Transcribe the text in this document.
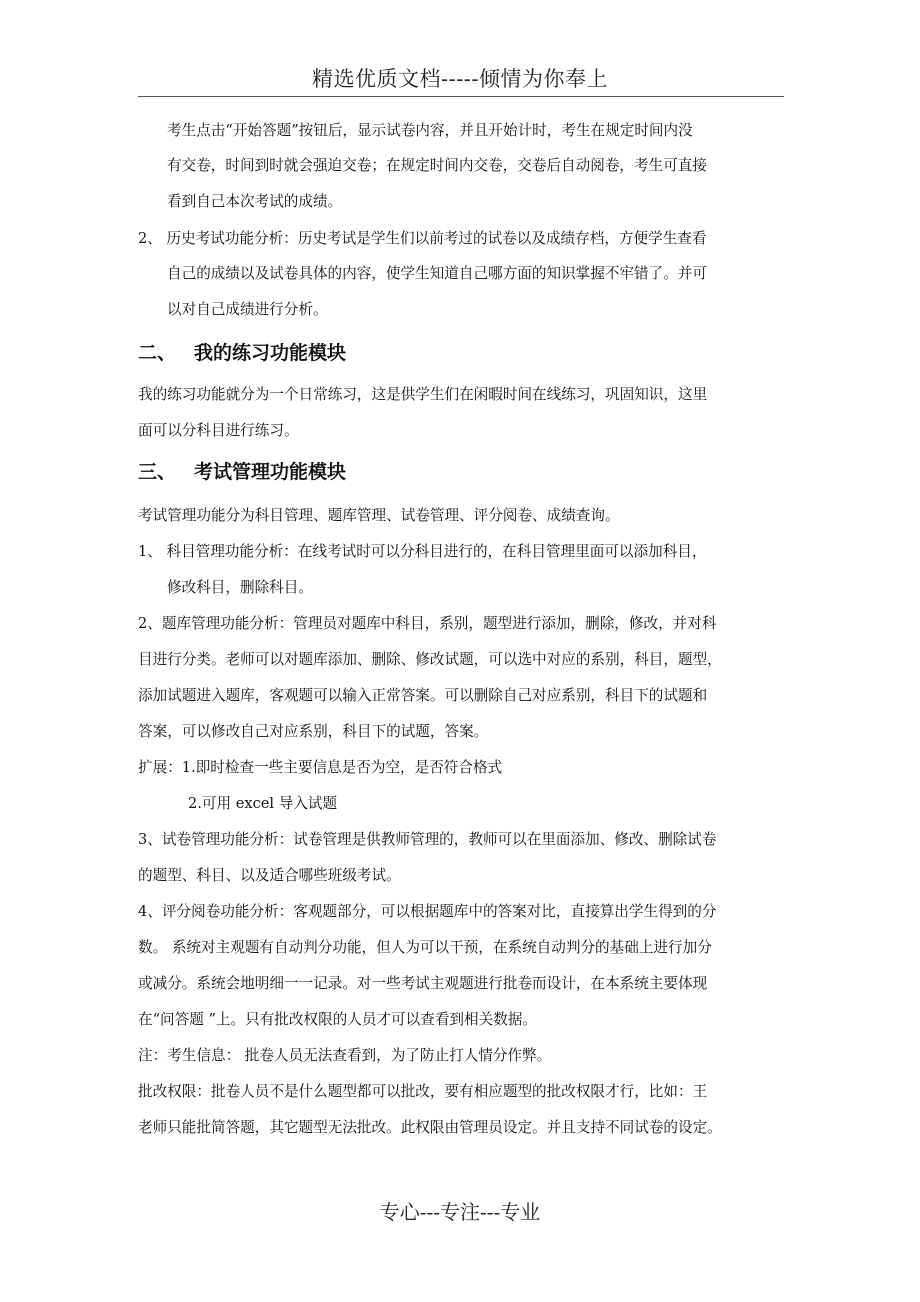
精选优质文档-----倾情为你奉上
考生点击“开始答题”按钮后，显示试卷内容，并且开始计时，考生在规定时间内没
有交卷，时间到时就会强迫交卷；在规定时间内交卷，交卷后自动阅卷，考生可直接
看到自己本次考试的成绩。
2、 历史考试功能分析：历史考试是学生们以前考过的试卷以及成绩存档，方便学生查看
自己的成绩以及试卷具体的内容，使学生知道自己哪方面的知识掌握不牢错了。并可
以对自己成绩进行分析。
二、 我的练习功能模块
我的练习功能就分为一个日常练习，这是供学生们在闲暇时间在线练习，巩固知识，这里
面可以分科目进行练习。
三、 考试管理功能模块
考试管理功能分为科目管理、题库管理、试卷管理、评分阅卷、成绩查询。
1、 科目管理功能分析：在线考试时可以分科目进行的，在科目管理里面可以添加科目，
修改科目，删除科目。
2、题库管理功能分析：管理员对题库中科目，系别，题型进行添加，删除，修改，并对科
目进行分类。老师可以对题库添加、删除、修改试题，可以选中对应的系别，科目，题型，
添加试题进入题库，客观题可以输入正常答案。可以删除自己对应系别，科目下的试题和
答案，可以修改自己对应系别，科目下的试题，答案。
扩展：1.即时检查一些主要信息是否为空，是否符合格式
2.可用 excel 导入试题
3、试卷管理功能分析：试卷管理是供教师管理的，教师可以在里面添加、修改、删除试卷
的题型、科目、以及适合哪些班级考试。
4、评分阅卷功能分析：客观题部分，可以根据题库中的答案对比，直接算出学生得到的分
数。 系统对主观题有自动判分功能，但人为可以干预，在系统自动判分的基础上进行加分
或减分。系统会地明细一一记录。对一些考试主观题进行批卷而设计，在本系统主要体现
在“问答题 ”上。只有批改权限的人员才可以查看到相关数据。
注：考生信息： 批卷人员无法查看到，为了防止打人情分作弊。
批改权限：批卷人员不是什么题型都可以批改，要有相应题型的批改权限才行，比如：王
老师只能批简答题，其它题型无法批改。此权限由管理员设定。并且支持不同试卷的设定。
专心---专注---专业
